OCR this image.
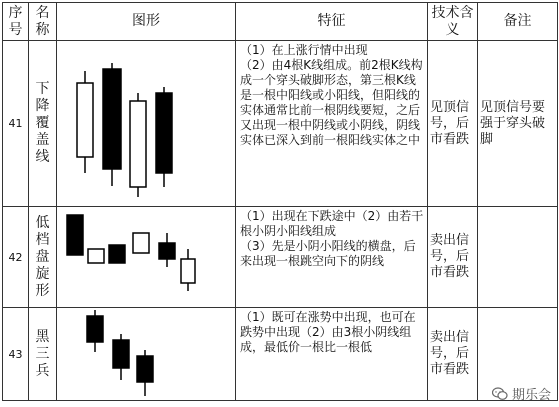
序号	名称	图形	特征	技术含义	备注
41	下降覆盖线		（1）在上涨行情中出现

（2）由4根K线组成。前2根K线构成一个穿头破脚形态，第三根K线是一根中阳线或小阳线，但阳线的实体通常比前一根阴线要短，之后又出现一根中阴线或小阴线，阴线实体已深入到前一根阳线实体之中	见顶信号，后市看跌	见顶信号要强于穿头破脚
42	低档盘旋形		（1）出现在下跌途中（2）由若干根小阴小阳线组成

（3）先是小阴小阳线的横盘，后来出现一根跳空向下的阴线	卖出信号，后市看跌	
43	黑三兵		（1）既可在涨势中出现，也可在跌势中出现（2）由3根小阴线组成，最低价一根比一根低	卖出信号，后市看跌	
期乐会
